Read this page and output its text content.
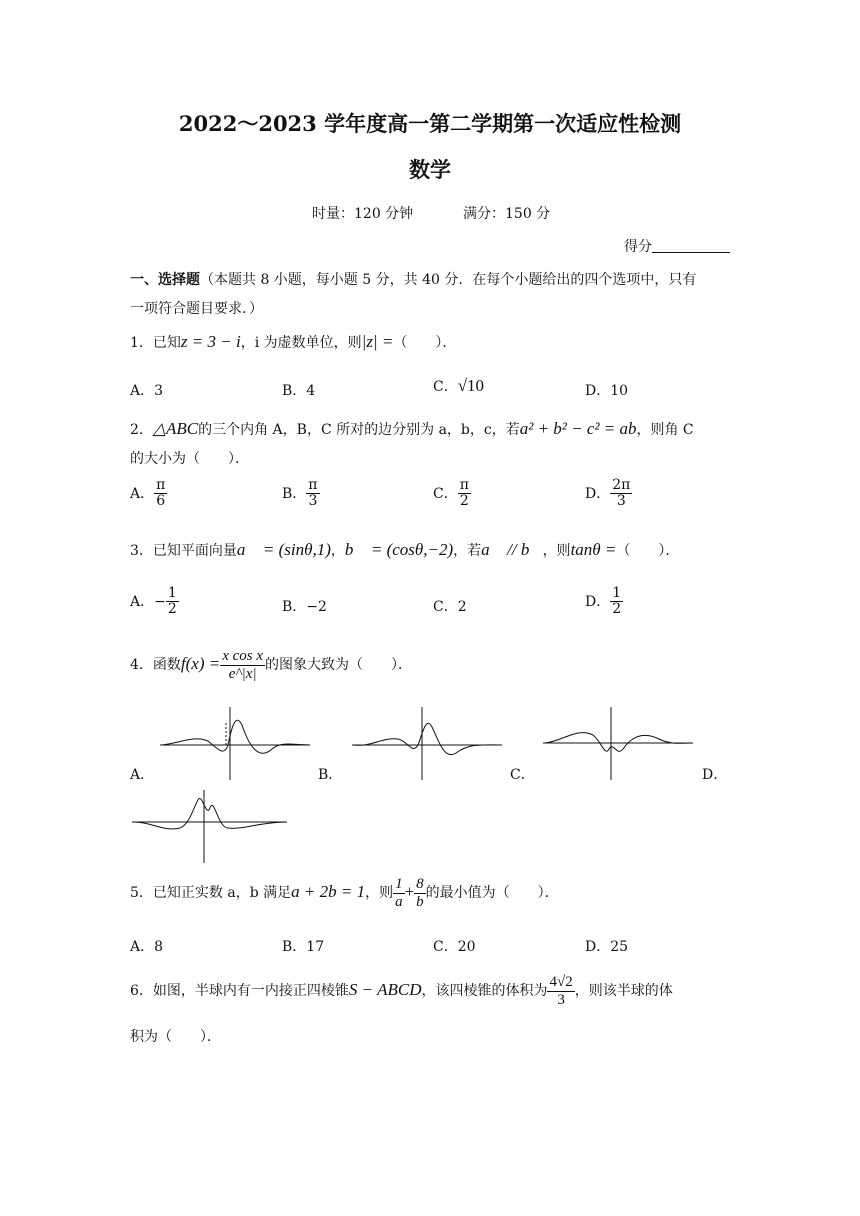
2022～2023 学年度高一第二学期第一次适应性检测
数学
时量：120 分钟	满分：150 分
得分
一、选择题（本题共 8 小题，每小题 5 分，共 40 分．在每个小题给出的四个选项中，只有
一项符合题目要求．）
1．已知z = 3 − i，i 为虚数单位，则|z| =（　　）．
A．3	B．4	C．√10	D．10
2．△ABC的三个内角 A，B，C 所对的边分别为 a，b，c，若a² + b² − c² = ab，则角 C
的大小为（　　）．
A． $\frac{\pi}{6}$	B． $\frac{\pi}{3}$	C． $\frac{\pi}{2}$	D． $\frac{2\pi}{3}$
3．已知平面向量a⃗ = (sinθ,1)，b⃗ = (cosθ,−2)，若a⃗ // b⃗，则tanθ =（　　）．
A．− $\frac{1}{2}$	B．−2	C．2	D． $\frac{1}{2}$
4．函数$f(x) = \frac{\text{x cos x}}{e\^{}|x|}$ 的图象大致为（　　）．
A．	B．	C．	D．
5．已知正实数 a，b 满足a + 2b = 1，则 $\frac{1}{a} + \frac{8}{b}$ 的最小值为（　　）．
A．8	B．17	C．20	D．25
6．如图，半球内有一内接正四棱锥S − ABCD，该四棱锥的体积为 $\frac{4√2}{3}$ ，则该半球的体
积为（　　）．
